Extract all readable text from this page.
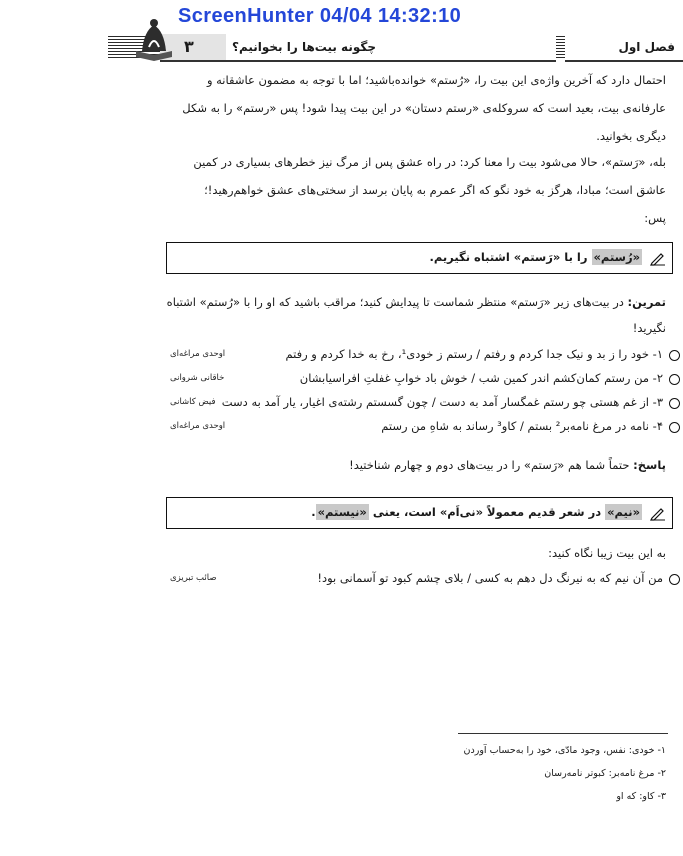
ScreenHunter 04/04 14:32:10
۳	چگونه بیت‌ها را بخوانیم؟	فصل اول
احتمال دارد که آخرین واژه‌ی این بیت را، «رُستم» خوانده‌باشید؛ اما با توجه به مضمون عاشقانه و
عارفانه‌ی بیت، بعید است که سروکله‌ی «رستم دستان» در این بیت پیدا شود! پس «رستم» را به شکل
دیگری بخوانید.
بله، «رَستم»، حالا می‌شود بیت را معنا کرد: در راه عشق پس از مرگ نیز خطرهای بسیاری در کمین
عاشق است؛ مبادا، هرگز به خود نگو که اگر عمرم به پایان برسد از سختی‌های عشق خواهم‌رهید!؛
پس:
«رُستم» را با «رَستم» اشتباه نگیریم.
تمرین: در بیت‌های زیر «رَستم» منتظر شماست تا پیدایش کنید؛ مراقب باشید که او را با «رُستم» اشتباه
نگیرید!
۱- خود را ز بد و نیک جدا کردم و رفتم / رستم ز خودی¹، رخ به خدا کردم و رفتم
اوحدی مراغه‌ای
۲- من رستم کمان‌کشم اندر کمین شب / خوش باد خوابِ غفلتِ افراسیابشان
خاقانی شروانی
۳- از غم هستی چو رستم غمگسار آمد به دست / چون گسستم رشته‌ی اغیار، یار آمد به دست
فیض کاشانی
۴- نامه در مرغ نامه‌بر² بستم / کاو³ رساند به شاهِ من رستم
اوحدی مراغه‌ای
پاسخ: حتماً شما هم «رَستم» را در بیت‌های دوم و چهارم شناختید!
«نیم» در شعر قدیم معمولاً «نی‌اَم» است، یعنی «نیستم».
به این بیت زیبا نگاه کنید:
من آن نیم که به نیرنگ دل دهم به کسی / بلای چشم کبود تو آسمانی بود!
صائب تبریزی
۱- خودی: نفس، وجود مادّی، خود را به‌حساب آوردن
۲- مرغ نامه‌بر: کبوتر نامه‌رسان
۳- کاو: که او
